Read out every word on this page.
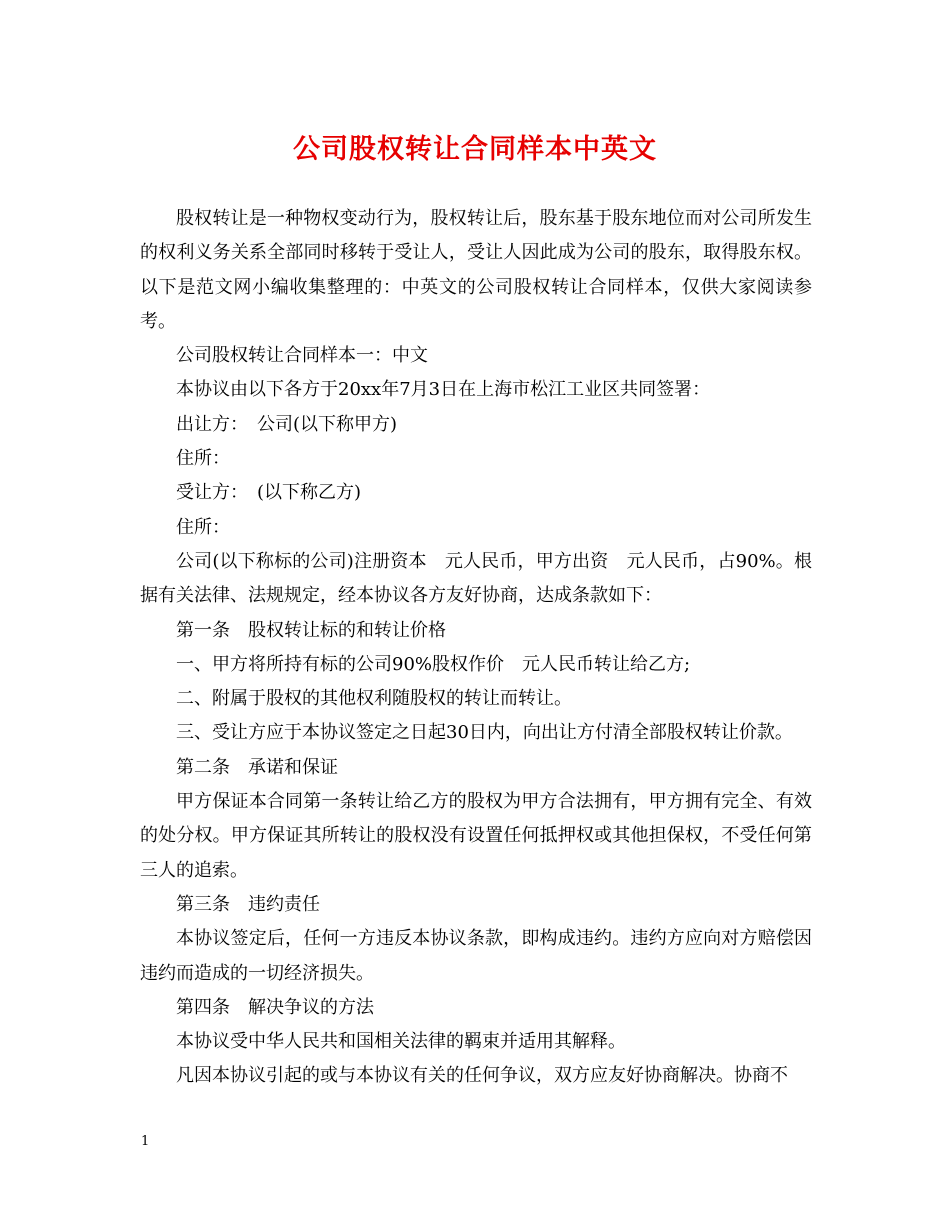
公司股权转让合同样本中英文

股权转让是一种物权变动行为，股权转让后，股东基于股东地位而对公司所发生的权利义务关系全部同时移转于受让人，受让人因此成为公司的股东，取得股东权。以下是范文网小编收集整理的：中英文的公司股权转让合同样本，仅供大家阅读参考。

公司股权转让合同样本一：中文

本协议由以下各方于20xx年7月3日在上海市松江工业区共同签署：

出让方：　公司(以下称甲方)

住所：

受让方：　(以下称乙方)

住所：

公司(以下称标的公司)注册资本　元人民币，甲方出资　元人民币，占90%。根据有关法律、法规规定，经本协议各方友好协商，达成条款如下：

第一条　股权转让标的和转让价格

一、甲方将所持有标的公司90%股权作价　元人民币转让给乙方;

二、附属于股权的其他权利随股权的转让而转让。

三、受让方应于本协议签定之日起30日内，向出让方付清全部股权转让价款。

第二条　承诺和保证

甲方保证本合同第一条转让给乙方的股权为甲方合法拥有，甲方拥有完全、有效的处分权。甲方保证其所转让的股权没有设置任何抵押权或其他担保权，不受任何第三人的追索。

第三条　违约责任

本协议签定后，任何一方违反本协议条款，即构成违约。违约方应向对方赔偿因违约而造成的一切经济损失。

第四条　解决争议的方法

本协议受中华人民共和国相关法律的羁束并适用其解释。

凡因本协议引起的或与本协议有关的任何争议，双方应友好协商解决。协商不

1
